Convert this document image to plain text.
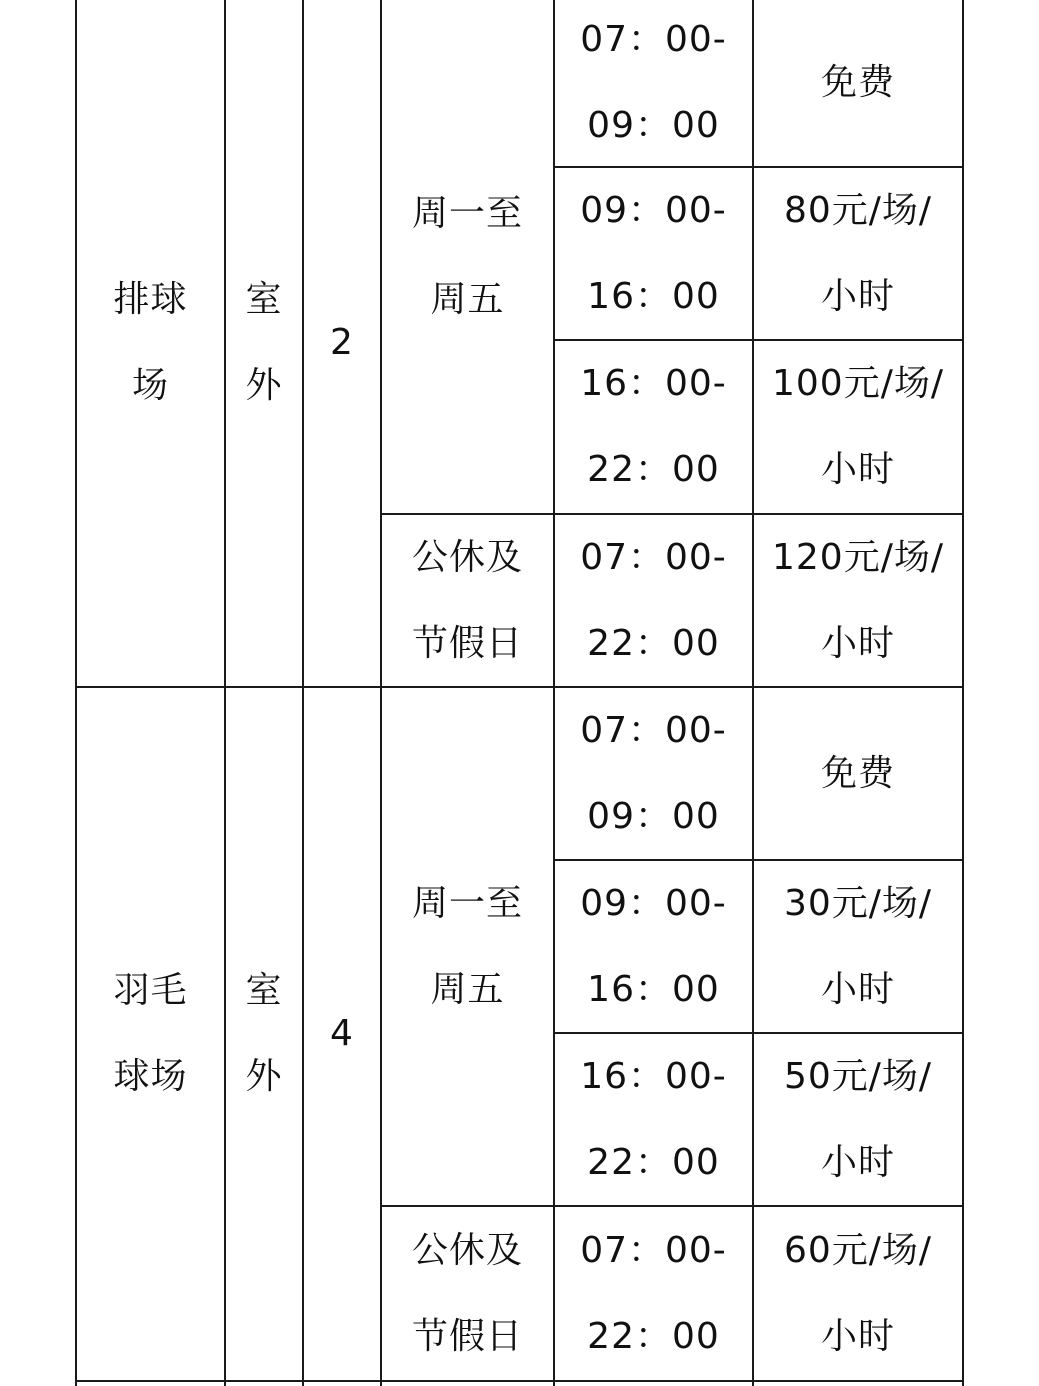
排球
场
室
外
2
周一至
周五
公休及
节假日
07：00-
09：00
免费
09：00-
16：00
80元/场/
小时
16：00-
22：00
100元/场/
小时
07：00-
22：00
120元/场/
小时
羽毛
球场
室
外
4
周一至
周五
公休及
节假日
07：00-
09：00
免费
09：00-
16：00
30元/场/
小时
16：00-
22：00
50元/场/
小时
07：00-
22：00
60元/场/
小时
